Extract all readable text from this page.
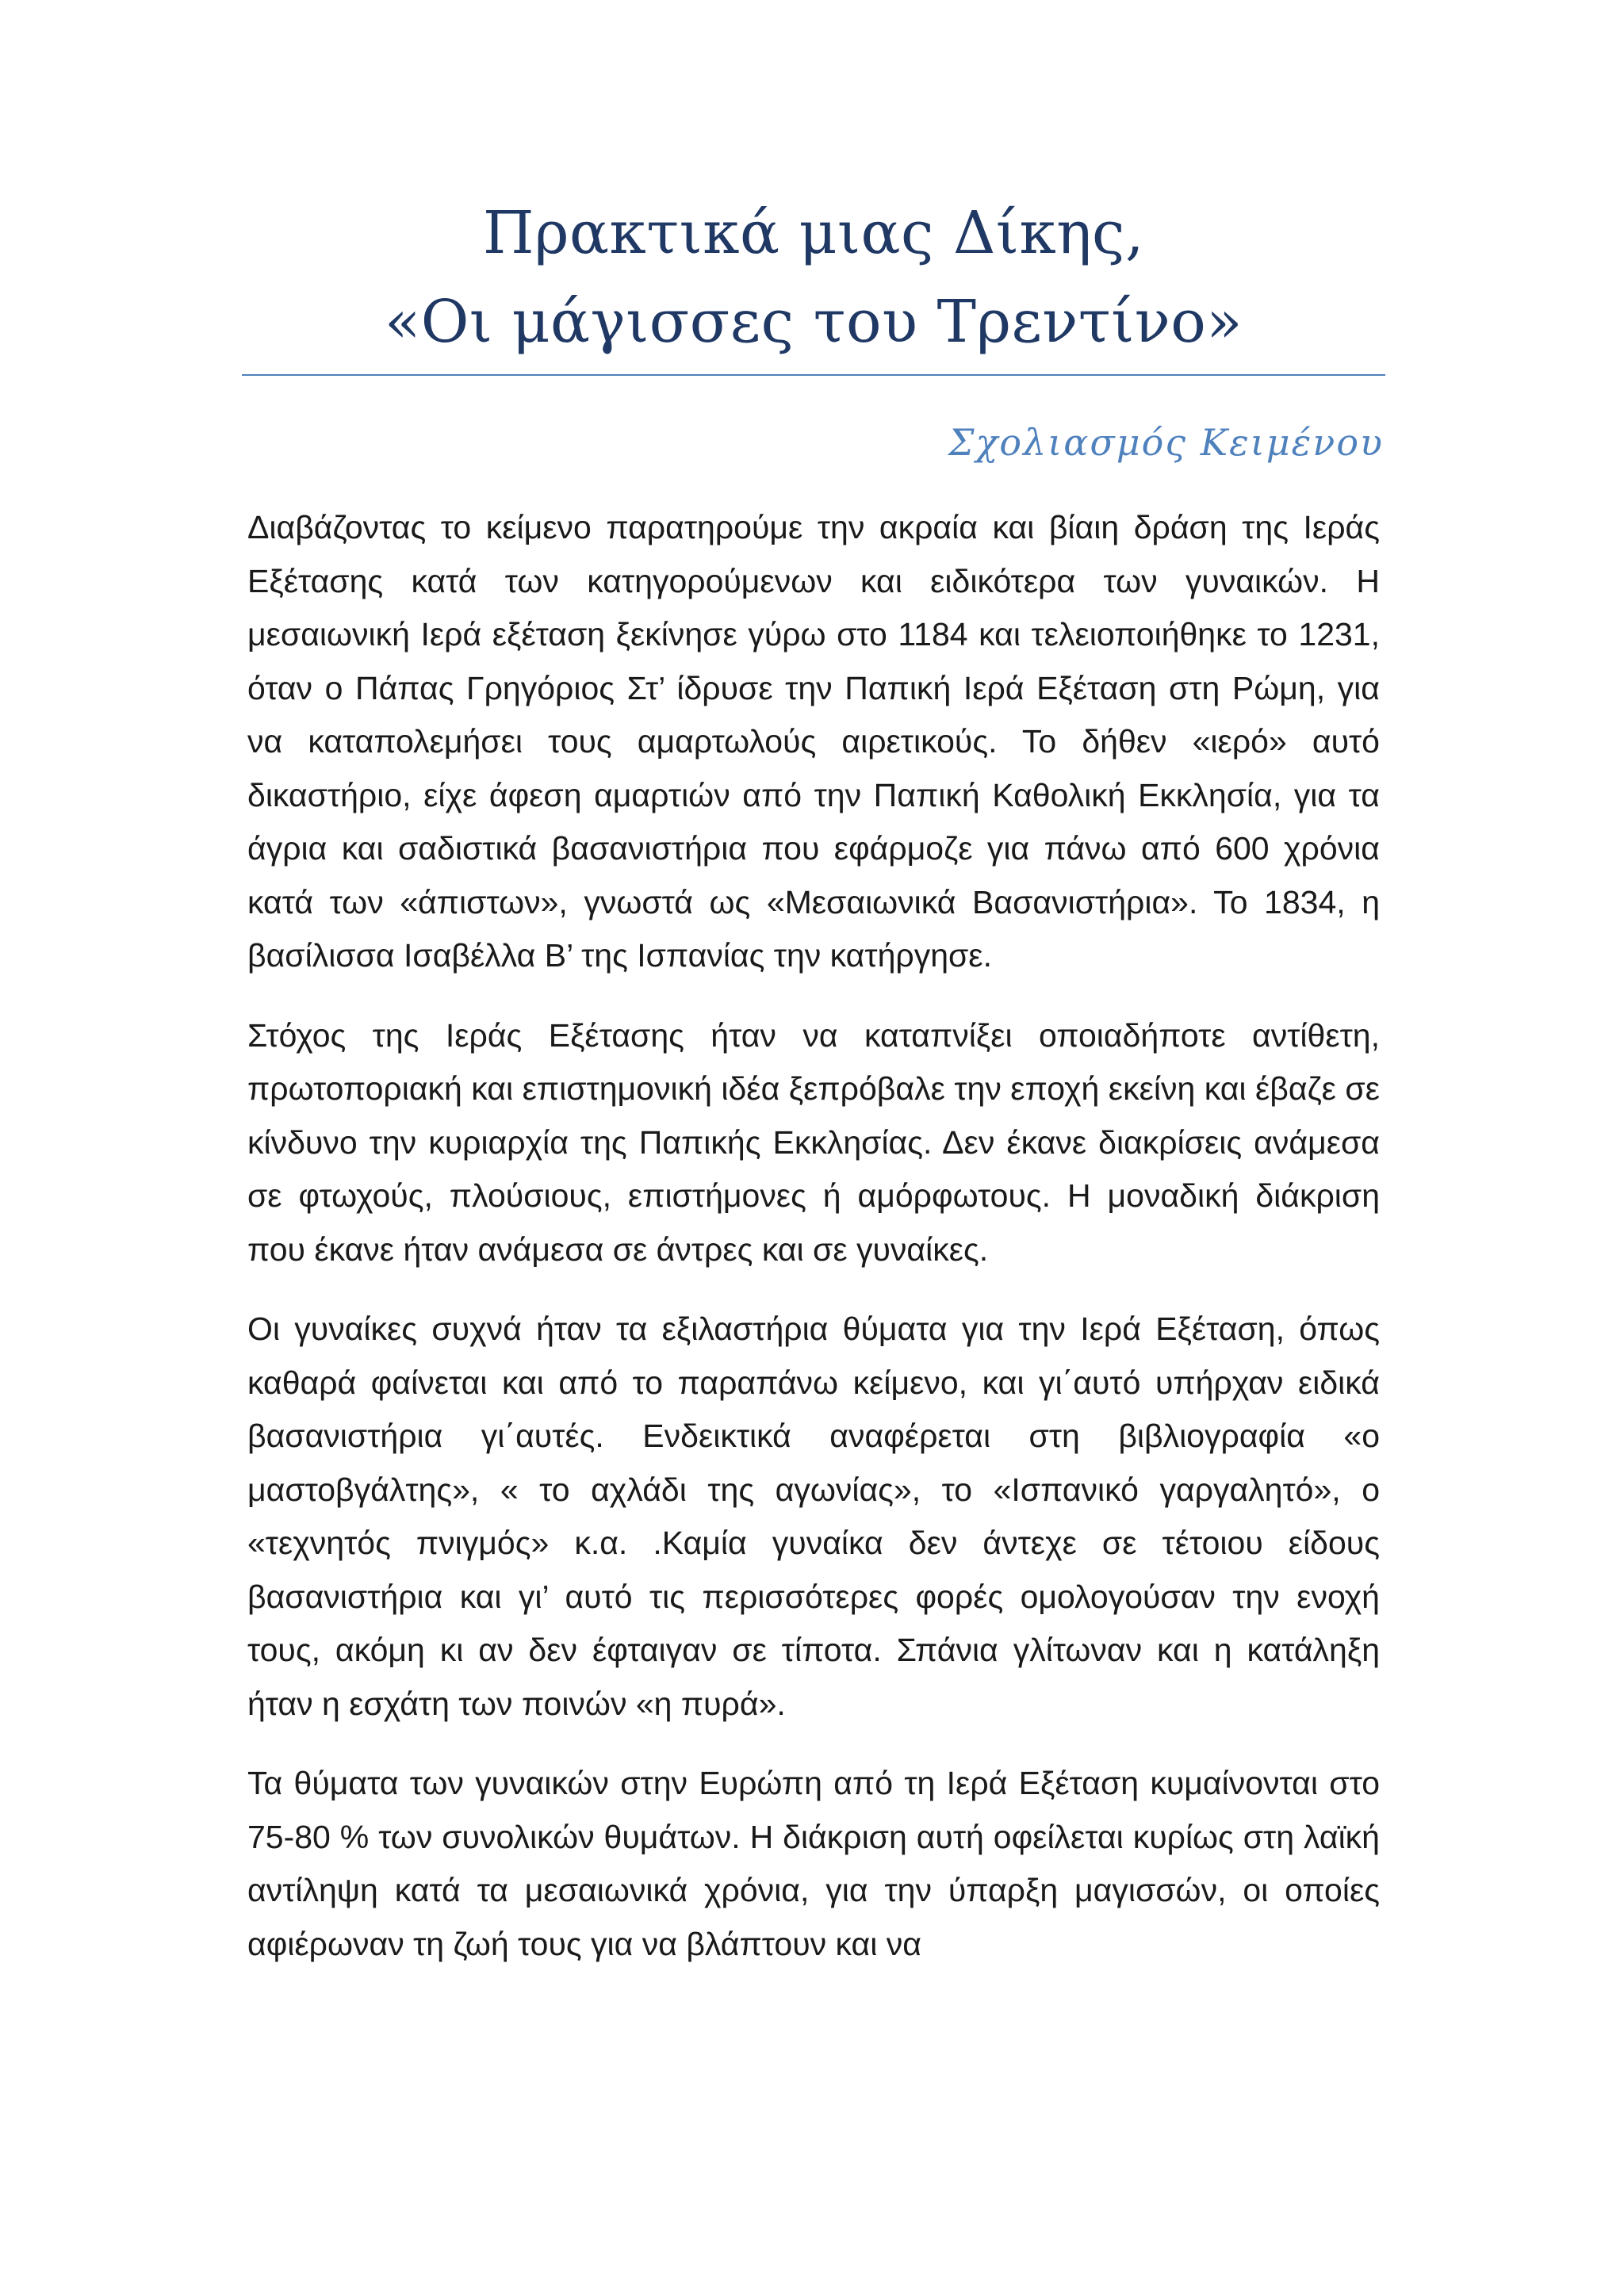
Πρακτικά μιας Δίκης,
«Οι μάγισσες του Τρεντίνο»
Σχολιασμός Κειμένου

Διαβάζοντας το κείμενο παρατηρούμε την ακραία και βίαιη δράση της Ιεράς Εξέτασης κατά των κατηγορούμενων και ειδικότερα των γυναικών. Η μεσαιωνική Ιερά εξέταση ξεκίνησε γύρω στο 1184 και τελειοποιήθηκε το 1231, όταν ο Πάπας Γρηγόριος Στ’ ίδρυσε την Παπική Ιερά Εξέταση στη Ρώμη, για να καταπολεμήσει τους αμαρτωλούς αιρετικούς. Το δήθεν «ιερό» αυτό δικαστήριο, είχε άφεση αμαρτιών από την Παπική Καθολική Εκκλησία, για τα άγρια και σαδιστικά βασανιστήρια που εφάρμοζε για πάνω από 600 χρόνια κατά των «άπιστων», γνωστά ως «Μεσαιωνικά Βασανιστήρια». Το 1834, η βασίλισσα Ισαβέλλα Β’ της Ισπανίας την κατήργησε.

Στόχος της Ιεράς Εξέτασης ήταν να καταπνίξει οποιαδήποτε αντίθετη, πρωτοποριακή και επιστημονική ιδέα ξεπρόβαλε την εποχή εκείνη και έβαζε σε κίνδυνο την κυριαρχία της Παπικής Εκκλησίας. Δεν έκανε διακρίσεις ανάμεσα σε φτωχούς, πλούσιους, επιστήμονες ή αμόρφωτους. Η μοναδική διάκριση που έκανε ήταν ανάμεσα σε άντρες και σε γυναίκες.

Οι γυναίκες συχνά ήταν τα εξιλαστήρια θύματα για την Ιερά Εξέταση, όπως καθαρά φαίνεται και από το παραπάνω κείμενο, και γι΄αυτό υπήρχαν ειδικά βασανιστήρια γι΄αυτές. Ενδεικτικά αναφέρεται στη βιβλιογραφία «ο μαστοβγάλτης», « το αχλάδι της αγωνίας», το «Ισπανικό γαργαλητό», ο «τεχνητός πνιγμός» κ.α. .Καμία γυναίκα δεν άντεχε σε τέτοιου είδους βασανιστήρια και γι’ αυτό τις περισσότερες φορές ομολογούσαν την ενοχή τους, ακόμη κι αν δεν έφταιγαν σε τίποτα. Σπάνια γλίτωναν και η κατάληξη ήταν η εσχάτη των ποινών «η πυρά».

Τα θύματα των γυναικών στην Ευρώπη από τη Ιερά Εξέταση κυμαίνονται στο 75-80 % των συνολικών θυμάτων. Η διάκριση αυτή οφείλεται κυρίως στη λαϊκή αντίληψη κατά τα μεσαιωνικά χρόνια, για την ύπαρξη μαγισσών, οι οποίες αφιέρωναν τη ζωή τους για να βλάπτουν και να
